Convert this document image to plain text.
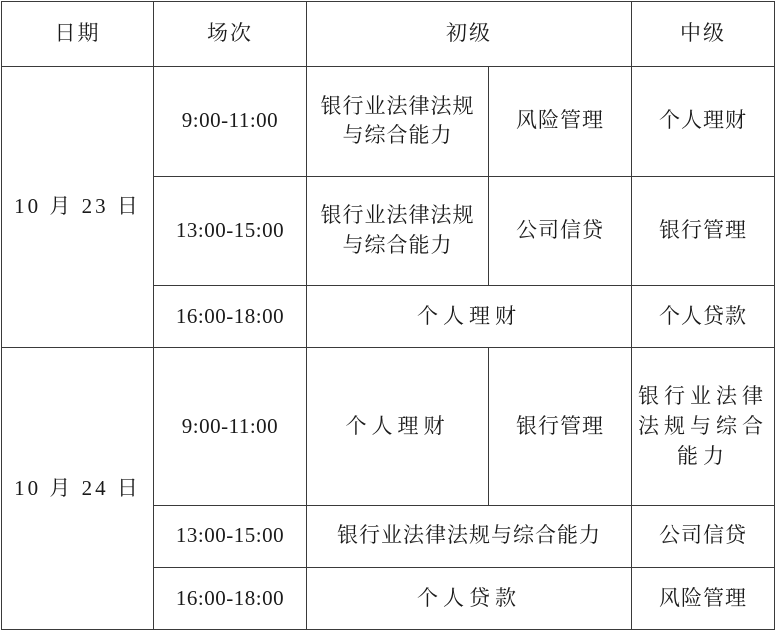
日期	场次	初级		中级
10 月 23 日	9:00-11:00	银行业法律法规与综合能力	风险管理	个人理财
	13:00-15:00	银行业法律法规与综合能力	公司信贷	银行管理
	16:00-18:00	个人理财		个人贷款
10 月 24 日	9:00-11:00	个人理财	银行管理	银行业法律法规与综合能力
	13:00-15:00	银行业法律法规与综合能力		公司信贷
	16:00-18:00	个人贷款		风险管理
